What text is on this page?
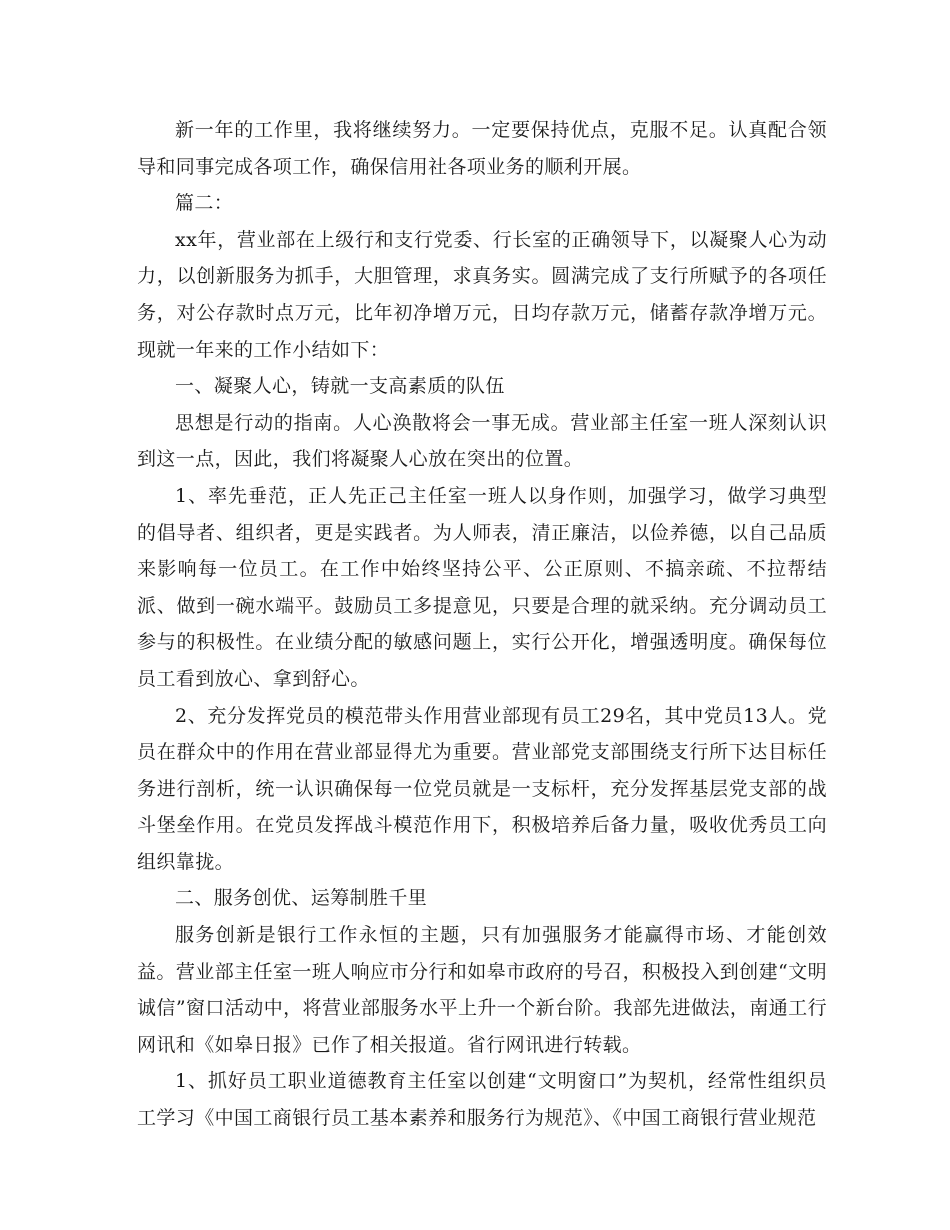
新一年的工作里，我将继续努力。一定要保持优点，克服不足。认真配合领导和同事完成各项工作，确保信用社各项业务的顺利开展。

篇二：

xx年，营业部在上级行和支行党委、行长室的正确领导下，以凝聚人心为动力，以创新服务为抓手，大胆管理，求真务实。圆满完成了支行所赋予的各项任务，对公存款时点万元，比年初净增万元，日均存款万元，储蓄存款净增万元。现就一年来的工作小结如下：

一、凝聚人心，铸就一支高素质的队伍

思想是行动的指南。人心涣散将会一事无成。营业部主任室一班人深刻认识到这一点，因此，我们将凝聚人心放在突出的位置。

1、率先垂范，正人先正己主任室一班人以身作则，加强学习，做学习典型的倡导者、组织者，更是实践者。为人师表，清正廉洁，以俭养德，以自己品质来影响每一位员工。在工作中始终坚持公平、公正原则、不搞亲疏、不拉帮结派、做到一碗水端平。鼓励员工多提意见，只要是合理的就采纳。充分调动员工参与的积极性。在业绩分配的敏感问题上，实行公开化，增强透明度。确保每位员工看到放心、拿到舒心。

2、充分发挥党员的模范带头作用营业部现有员工29名，其中党员13人。党员在群众中的作用在营业部显得尤为重要。营业部党支部围绕支行所下达目标任务进行剖析，统一认识确保每一位党员就是一支标杆，充分发挥基层党支部的战斗堡垒作用。在党员发挥战斗模范作用下，积极培养后备力量，吸收优秀员工向组织靠拢。

二、服务创优、运筹制胜千里

服务创新是银行工作永恒的主题，只有加强服务才能赢得市场、才能创效益。营业部主任室一班人响应市分行和如皋市政府的号召，积极投入到创建“文明诚信”窗口活动中，将营业部服务水平上升一个新台阶。我部先进做法，南通工行网讯和《如皋日报》已作了相关报道。省行网讯进行转载。

1、抓好员工职业道德教育主任室以创建“文明窗口”为契机，经常性组织员工学习《中国工商银行员工基本素养和服务行为规范》、《中国工商银行营业规范
